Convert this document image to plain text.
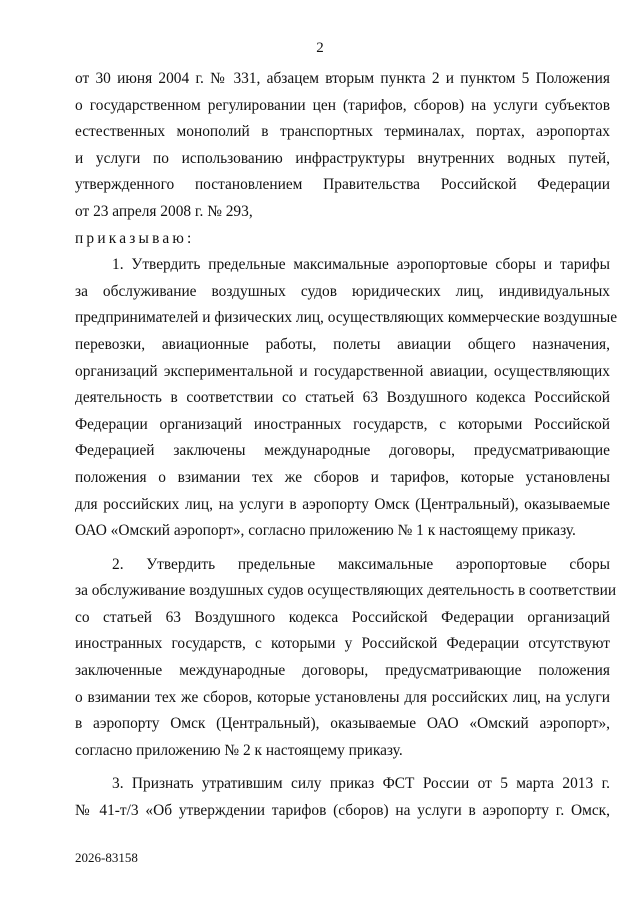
2
от 30 июня 2004 г. № 331, абзацем вторым пункта 2 и пунктом 5 Положения
о государственном регулировании цен (тарифов, сборов) на услуги субъектов
естественных монополий в транспортных терминалах, портах, аэропортах
и услуги по использованию инфраструктуры внутренних водных путей,
утвержденного постановлением Правительства Российской Федерации
от 23 апреля 2008 г. № 293,
приказываю:
1. Утвердить предельные максимальные аэропортовые сборы и тарифы
за обслуживание воздушных судов юридических лиц, индивидуальных
предпринимателей и физических лиц, осуществляющих коммерческие воздушные
перевозки, авиационные работы, полеты авиации общего назначения,
организаций экспериментальной и государственной авиации, осуществляющих
деятельность в соответствии со статьей 63 Воздушного кодекса Российской
Федерации организаций иностранных государств, с которыми Российской
Федерацией заключены международные договоры, предусматривающие
положения о взимании тех же сборов и тарифов, которые установлены
для российских лиц, на услуги в аэропорту Омск (Центральный), оказываемые
ОАО «Омский аэропорт», согласно приложению № 1 к настоящему приказу.
2. Утвердить предельные максимальные аэропортовые сборы
за обслуживание воздушных судов осуществляющих деятельность в соответствии
со статьей 63 Воздушного кодекса Российской Федерации организаций
иностранных государств, с которыми у Российской Федерации отсутствуют
заключенные международные договоры, предусматривающие положения
о взимании тех же сборов, которые установлены для российских лиц, на услуги
в аэропорту Омск (Центральный), оказываемые ОАО «Омский аэропорт»,
согласно приложению № 2 к настоящему приказу.
3. Признать утратившим силу приказ ФСТ России от 5 марта 2013 г.
№ 41-т/3 «Об утверждении тарифов (сборов) на услуги в аэропорту г. Омск,
2026-83158
